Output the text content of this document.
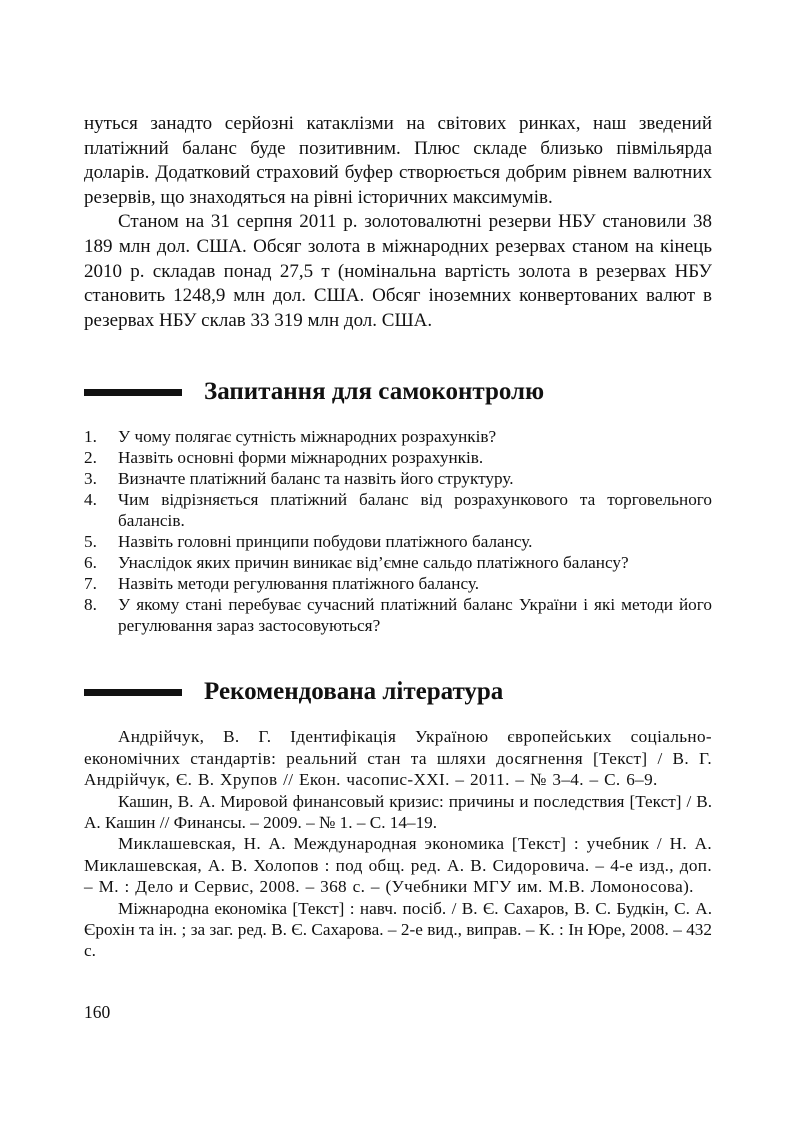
нуться занадто серйозні катаклізми на світових ринках, наш зведений платіжний баланс буде позитивним. Плюс складе близько півмільярда доларів. Додатковий страховий буфер створюється добрим рівнем валютних резервів, що знаходяться на рівні історичних максимумів.

Станом на 31 серпня 2011 р. золотовалютні резерви НБУ становили 38 189 млн дол. США. Обсяг золота в міжнародних резервах станом на кінець 2010 р. складав понад 27,5 т (номінальна вартість золота в резервах НБУ становить 1248,9 млн дол. США. Обсяг іноземних конвертованих валют в резервах НБУ склав 33 319 млн дол. США.

Запитання для самоконтролю
1. У чому полягає сутність міжнародних розрахунків?
2. Назвіть основні форми міжнародних розрахунків.
3. Визначте платіжний баланс та назвіть його структуру.
4. Чим відрізняється платіжний баланс від розрахункового та торговельного балансів.
5. Назвіть головні принципи побудови платіжного балансу.
6. Унаслідок яких причин виникає від’ємне сальдо платіжного балансу?
7. Назвіть методи регулювання платіжного балансу.
8. У якому стані перебуває сучасний платіжний баланс України і які методи його регулювання зараз застосовуються?
Рекомендована література

Андрійчук, В. Г. Ідентифікація Україною європейських соціально-економічних стандартів: реальний стан та шляхи досягнення [Текст] / В. Г. Андрійчук, Є. В. Хрупов // Екон. часопис-XXI. – 2011. – № 3–4. – С. 6–9.

Кашин, В. А. Мировой финансовый кризис: причины и последствия [Текст] / В. А. Кашин // Финансы. – 2009. – № 1. – С. 14–19.

Миклашевская, Н. А. Международная экономика [Текст] : учебник / Н. А. Миклашевская, А. В. Холопов : под общ. ред. А. В. Сидоровича. – 4-е изд., доп. – М. : Дело и Сервис, 2008. – 368 с. – (Учебники МГУ им. М.В. Ломоносова).

Міжнародна економіка [Текст] : навч. посіб. / В. Є. Сахаров, В. С. Будкін, С. А. Єрохін та ін. ; за заг. ред. В. Є. Сахарова. – 2-е вид., виправ. – К. : Ін Юре, 2008. – 432 с.

160
